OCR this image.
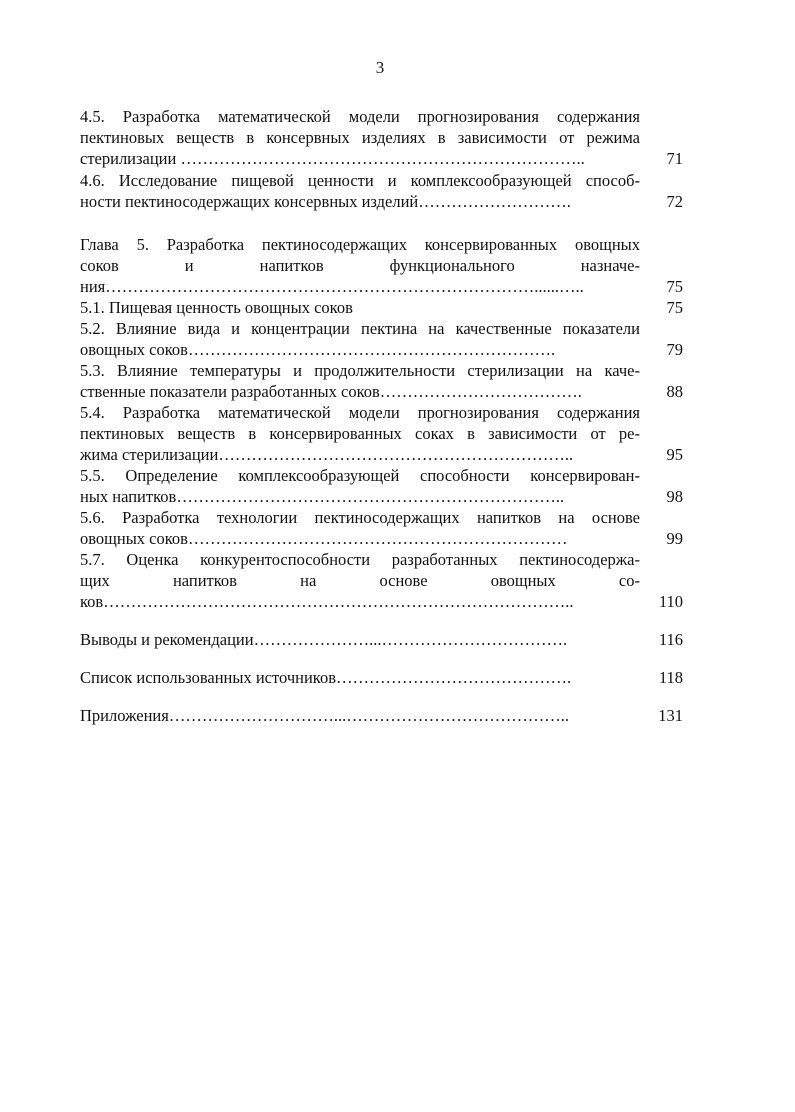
3
4.5. Разработка математической модели прогнозирования содержания
пектиновых веществ в консервных изделиях в зависимости от режима
стерилизации ………………………………………………………………..	71
4.6. Исследование пищевой ценности и комплексообразующей способ-
ности пектиносодержащих консервных изделий……………………….	72
Глава 5. Разработка пектиносодержащих консервированных овощных
соков и напитков функционального назначе-
ния……………………………………………………………………......…..	75
5.1. Пищевая ценность овощных соков	75
5.2. Влияние вида и концентрации пектина на качественные показатели
овощных соков………………………………………………………….	79
5.3. Влияние температуры и продолжительности стерилизации на каче-
ственные показатели разработанных соков……………………………….	88
5.4. Разработка математической модели прогнозирования содержания
пектиновых веществ в консервированных соках в зависимости от ре-
жима стерилизации………………………………………………………..	95
5.5. Определение комплексообразующей способности консервирован-
ных напитков……………………………………………………………..	98
5.6. Разработка технологии пектиносодержащих напитков на основе
овощных соков……………………………………………………………	99
5.7. Оценка конкурентоспособности разработанных пектиносодержа-
щих напитков на основе овощных со-
ков…………………………………………………………………………..	110
Выводы и рекомендации…………………...…………………………….	116
Список использованных источников…………………………………….	118
Приложения…………………………...…………………………………..	131
